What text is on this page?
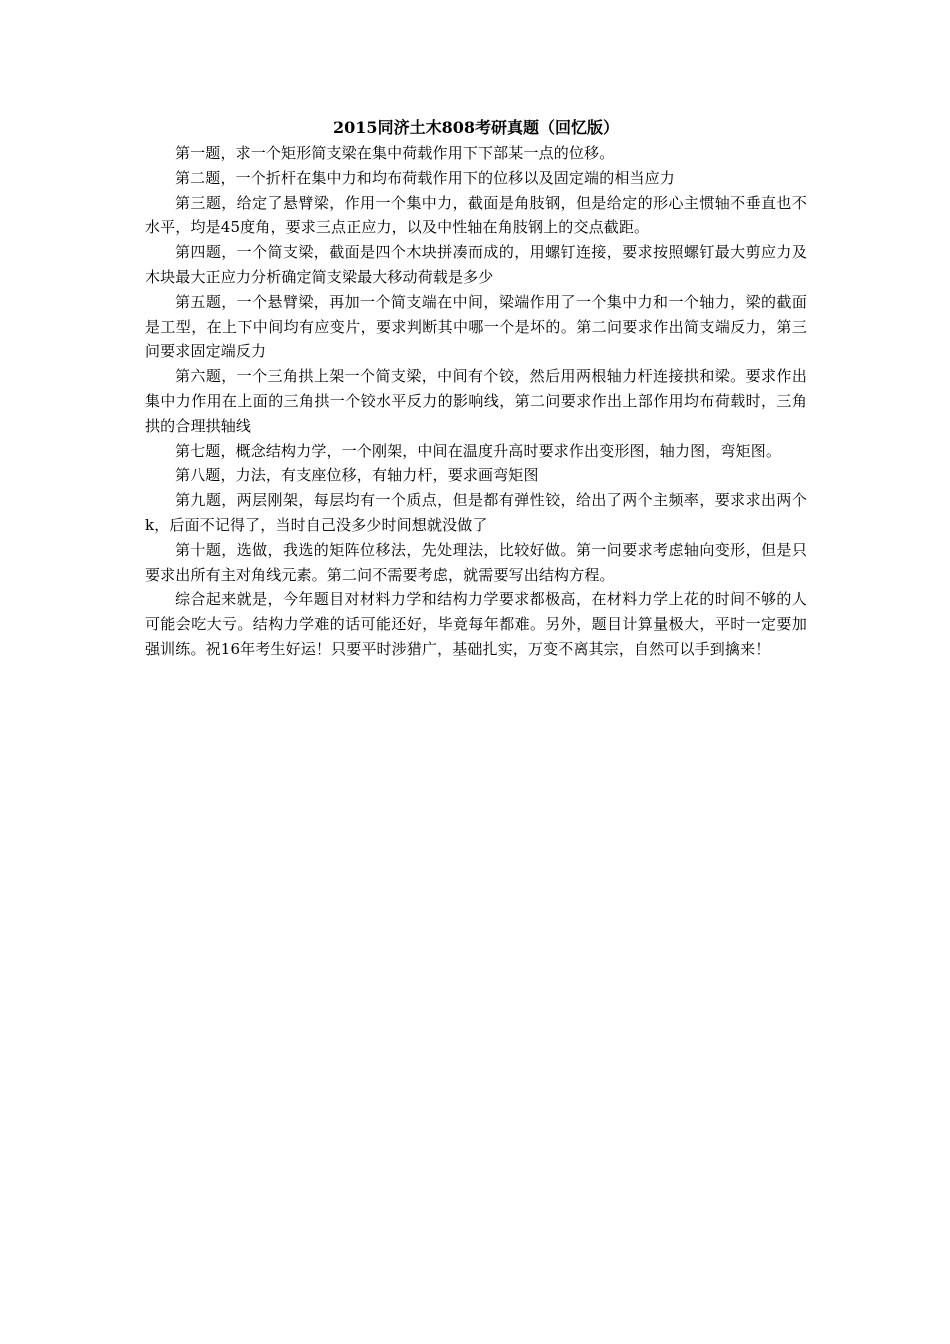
2015同济土木808考研真题（回忆版）

第一题，求一个矩形简支梁在集中荷载作用下下部某一点的位移。

第二题，一个折杆在集中力和均布荷载作用下的位移以及固定端的相当应力

第三题，给定了悬臂梁，作用一个集中力，截面是角肢钢，但是给定的形心主惯轴不垂直也不水平，均是45度角，要求三点正应力，以及中性轴在角肢钢上的交点截距。

第四题，一个简支梁，截面是四个木块拼凑而成的，用螺钉连接，要求按照螺钉最大剪应力及木块最大正应力分析确定简支梁最大移动荷载是多少

第五题，一个悬臂梁，再加一个简支端在中间，梁端作用了一个集中力和一个轴力，梁的截面是工型，在上下中间均有应变片，要求判断其中哪一个是坏的。第二问要求作出简支端反力，第三问要求固定端反力

第六题，一个三角拱上架一个简支梁，中间有个铰，然后用两根轴力杆连接拱和梁。要求作出集中力作用在上面的三角拱一个铰水平反力的影响线，第二问要求作出上部作用均布荷载时，三角拱的合理拱轴线

第七题，概念结构力学，一个刚架，中间在温度升高时要求作出变形图，轴力图，弯矩图。

第八题，力法，有支座位移，有轴力杆，要求画弯矩图

第九题，两层刚架，每层均有一个质点，但是都有弹性铰，给出了两个主频率，要求求出两个k，后面不记得了，当时自己没多少时间想就没做了

第十题，选做，我选的矩阵位移法，先处理法，比较好做。第一问要求考虑轴向变形，但是只要求出所有主对角线元素。第二问不需要考虑，就需要写出结构方程。

综合起来就是，今年题目对材料力学和结构力学要求都极高，在材料力学上花的时间不够的人可能会吃大亏。结构力学难的话可能还好，毕竟每年都难。另外，题目计算量极大，平时一定要加强训练。祝16年考生好运！只要平时涉猎广，基础扎实，万变不离其宗，自然可以手到擒来！
